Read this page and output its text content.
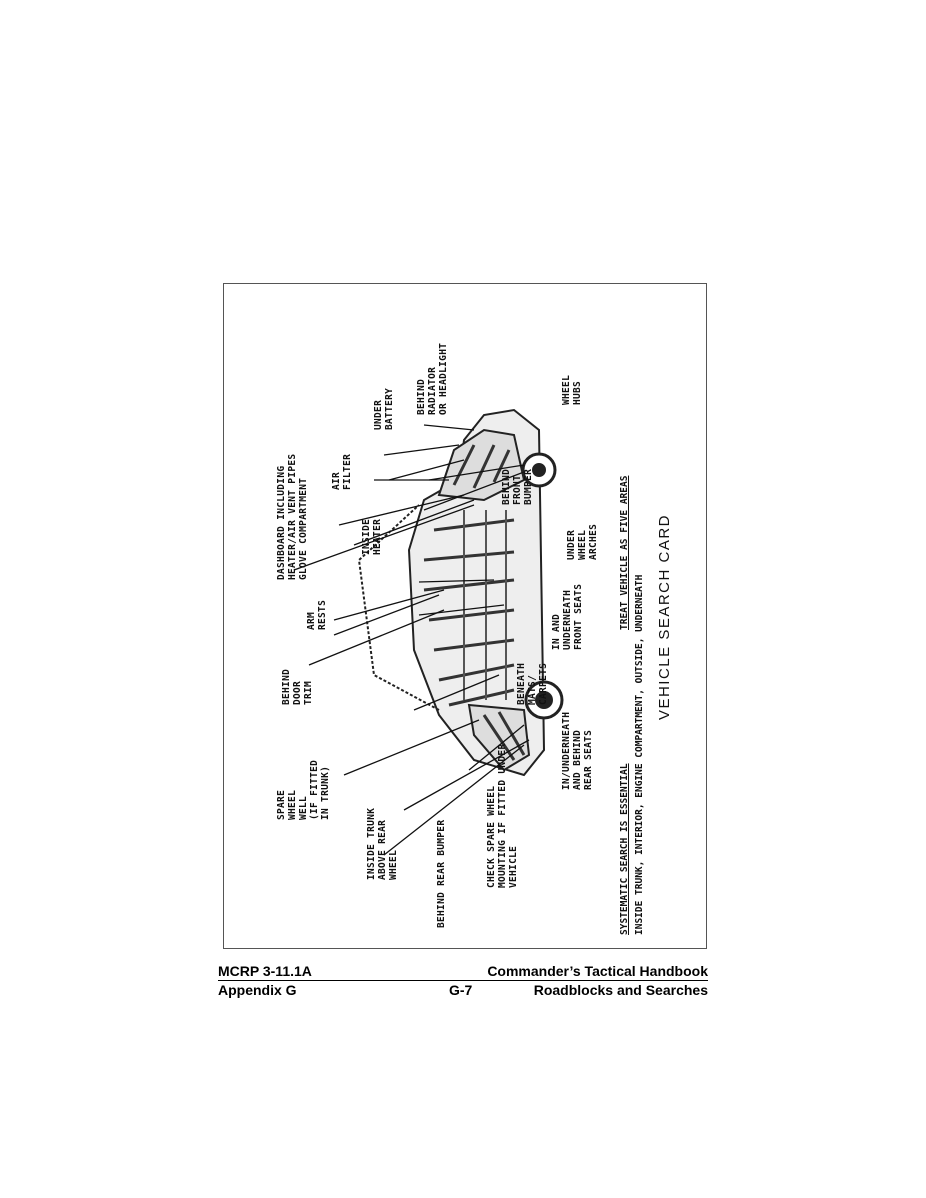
INSIDE TRUNK ABOVE REAR WHEEL

	BEHIND REAR BUMPER

	CHECK SPARE WHEEL MOUNTING IF FITTED UNDER VEHICLE

SPARE WHEEL WELL (IF FITTED IN TRUNK)

IN/UNDERNEATH AND BEHIND REAR SEATS

BEHIND DOOR TRIM

ARM RESTS

BENEATH MATS/ CARPETS

IN AND UNDERNEATH FRONT SEATS

DASHBOARD INCLUDING HEATER/AIR VENT PIPES GLOVE COMPARTMENT

	INSIDE HEATER

AIR FILTER

UNDER BATTERY

BEHIND RADIATOR OR HEADLIGHT

BEHIND FRONT BUMPER

UNDER WHEEL ARCHES

WHEEL HUBS

TREAT VEHICLE AS FIVE AREAS
SYSTEMATIC SEARCH IS ESSENTIAL INSIDE TRUNK, INTERIOR, ENGINE COMPARTMENT, OUTSIDE, UNDERNEATH VEHICLE SEARCH CARD
MCRP 3-11.1A	Commander’s Tactical Handbook
Appendix G	G-7	Roadblocks and Searches
